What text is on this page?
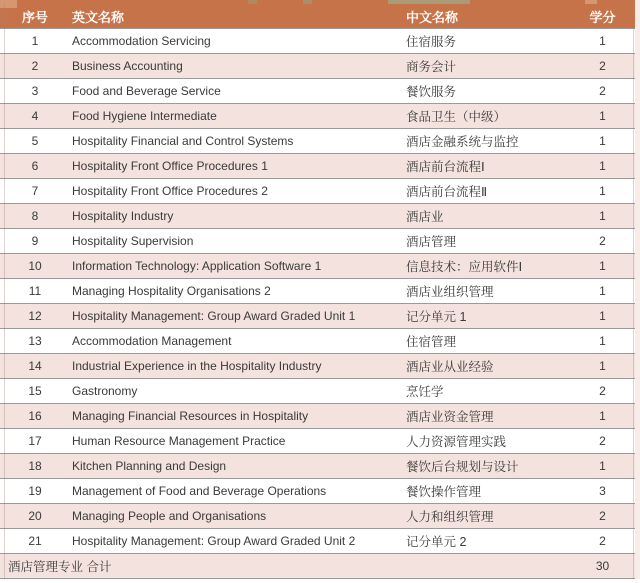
序号	英文名称	中文名称	学分
1	Accommodation Servicing	住宿服务	1
2	Business Accounting	商务会计	2
3	Food and Beverage Service	餐饮服务	2
4	Food Hygiene Intermediate	食品卫生（中级）	1
5	Hospitality Financial and Control Systems	酒店金融系统与监控	1
6	Hospitality Front Office Procedures 1	酒店前台流程Ⅰ	1
7	Hospitality Front Office Procedures 2	酒店前台流程Ⅱ	1
8	Hospitality Industry	酒店业	1
9	Hospitality Supervision	酒店管理	2
10	Information Technology: Application Software 1	信息技术：应用软件Ⅰ	1
11	Managing Hospitality Organisations 2	酒店业组织管理	1
12	Hospitality Management: Group Award Graded Unit 1	记分单元 1	1
13	Accommodation Management	住宿管理	1
14	Industrial Experience in the Hospitality Industry	酒店业从业经验	1
15	Gastronomy	烹饪学	2
16	Managing Financial Resources in Hospitality	酒店业资金管理	1
17	Human Resource Management Practice	人力资源管理实践	2
18	Kitchen Planning and Design	餐饮后台规划与设计	1
19	Management of Food and Beverage Operations	餐饮操作管理	3
20	Managing People and Organisations	人力和组织管理	2
21	Hospitality Management: Group Award Graded Unit 2	记分单元 2	2
酒店管理专业 合计			30
